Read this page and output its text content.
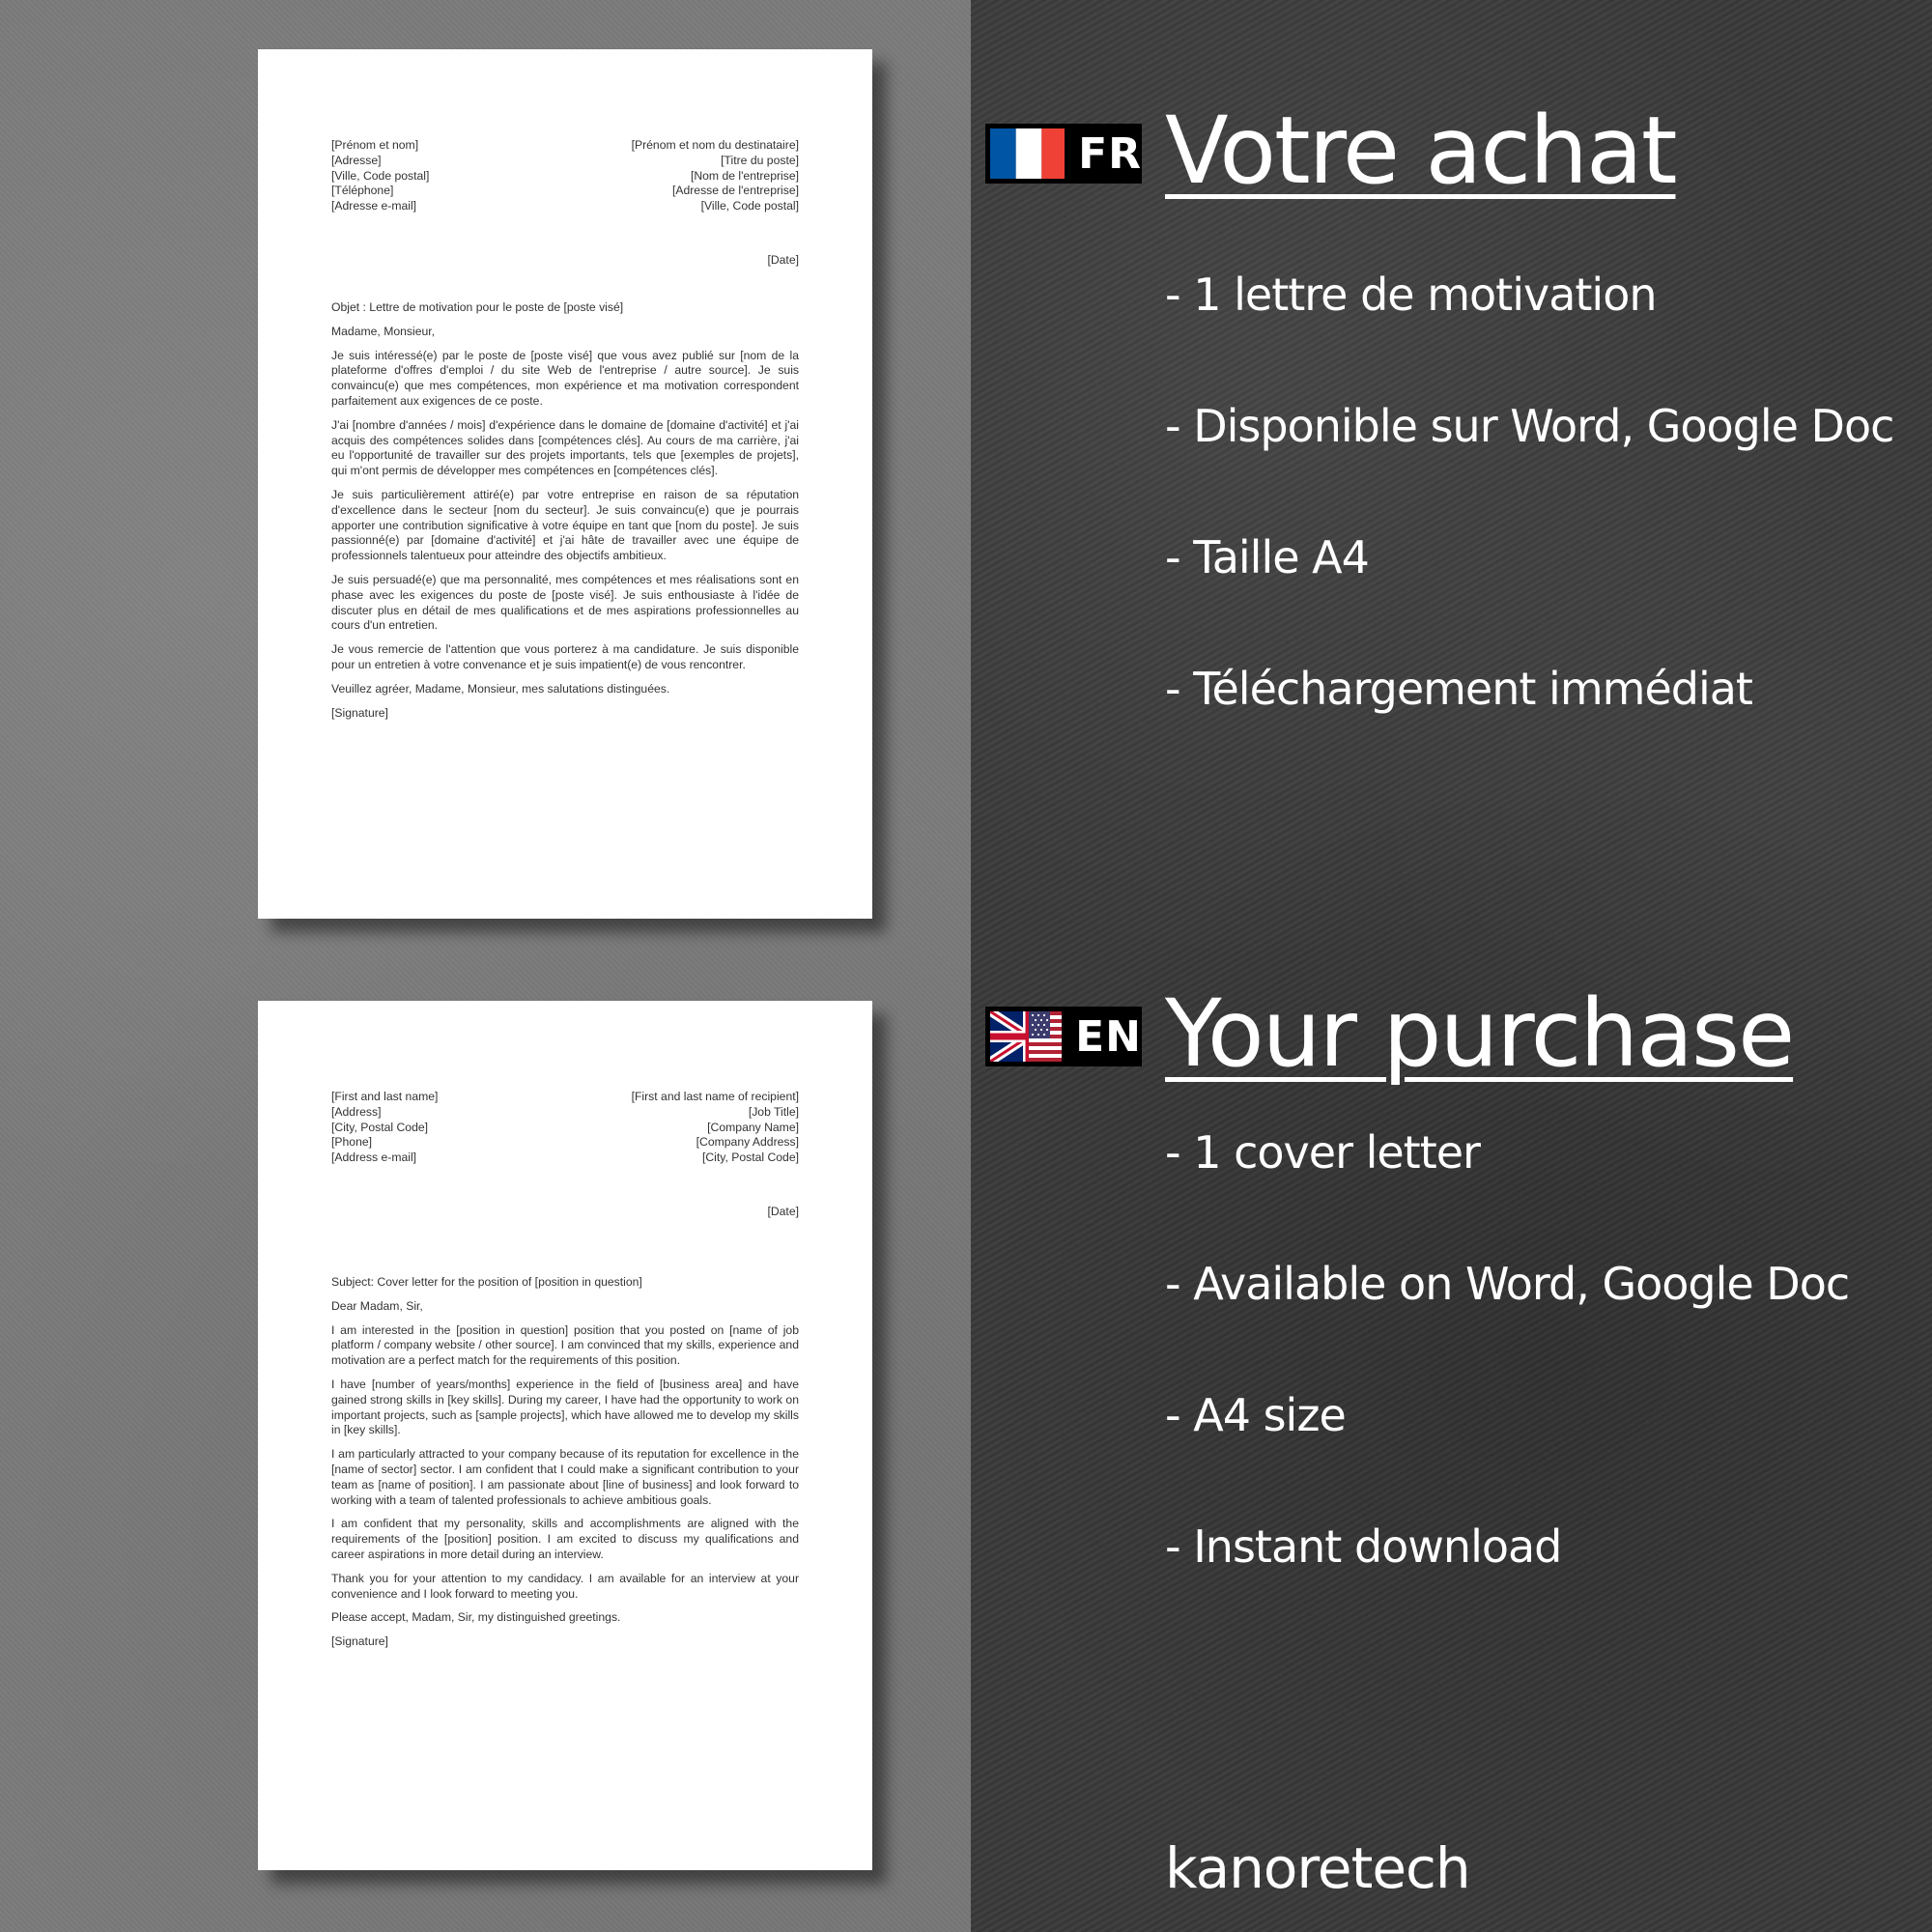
[Prénom et nom]
[Adresse]
[Ville, Code postal]
[Téléphone]
[Adresse e-mail]
[Prénom et nom du destinataire]
[Titre du poste]
[Nom de l'entreprise]
[Adresse de l'entreprise]
[Ville, Code postal]
[Date]

Objet : Lettre de motivation pour le poste de [poste visé]

Madame, Monsieur,

Je suis intéressé(e) par le poste de [poste visé] que vous avez publié sur [nom de la plateforme d'offres d'emploi / du site Web de l'entreprise / autre source]. Je suis convaincu(e) que mes compétences, mon expérience et ma motivation correspondent parfaitement aux exigences de ce poste.

J'ai [nombre d'années / mois] d'expérience dans le domaine de [domaine d'activité] et j'ai acquis des compétences solides dans [compétences clés]. Au cours de ma carrière, j'ai eu l'opportunité de travailler sur des projets importants, tels que [exemples de projets], qui m'ont permis de développer mes compétences en [compétences clés].

Je suis particulièrement attiré(e) par votre entreprise en raison de sa réputation d'excellence dans le secteur [nom du secteur]. Je suis convaincu(e) que je pourrais apporter une contribution significative à votre équipe en tant que [nom du poste]. Je suis passionné(e) par [domaine d'activité] et j'ai hâte de travailler avec une équipe de professionnels talentueux pour atteindre des objectifs ambitieux.

Je suis persuadé(e) que ma personnalité, mes compétences et mes réalisations sont en phase avec les exigences du poste de [poste visé]. Je suis enthousiaste à l'idée de discuter plus en détail de mes qualifications et de mes aspirations professionnelles au cours d'un entretien.

Je vous remercie de l'attention que vous porterez à ma candidature. Je suis disponible pour un entretien à votre convenance et je suis impatient(e) de vous rencontrer.

Veuillez agréer, Madame, Monsieur, mes salutations distinguées.

[Signature]

[First and last name]
[Address]
[City, Postal Code]
[Phone]
[Address e-mail]
[First and last name of recipient]
[Job Title]
[Company Name]
[Company Address]
[City, Postal Code]
[Date]

Subject: Cover letter for the position of [position in question]

Dear Madam, Sir,

I am interested in the [position in question] position that you posted on [name of job platform / company website / other source]. I am convinced that my skills, experience and motivation are a perfect match for the requirements of this position.

I have [number of years/months] experience in the field of [business area] and have gained strong skills in [key skills]. During my career, I have had the opportunity to work on important projects, such as [sample projects], which have allowed me to develop my skills in [key skills].

I am particularly attracted to your company because of its reputation for excellence in the [name of sector] sector. I am confident that I could make a significant contribution to your team as [name of position]. I am passionate about [line of business] and look forward to working with a team of talented professionals to achieve ambitious goals.

I am confident that my personality, skills and accomplishments are aligned with the requirements of the [position] position. I am excited to discuss my qualifications and career aspirations in more detail during an interview.

Thank you for your attention to my candidacy. I am available for an interview at your convenience and I look forward to meeting you.

Please accept, Madam, Sir, my distinguished greetings.

[Signature]

FR Votre achat
- 1 lettre de motivation
- Disponible sur Word, Google Doc
- Taille A4
- Téléchargement immédiat
EN Your purchase
- 1 cover letter
- Available on Word, Google Doc
- A4 size
- Instant download
kanoretech
